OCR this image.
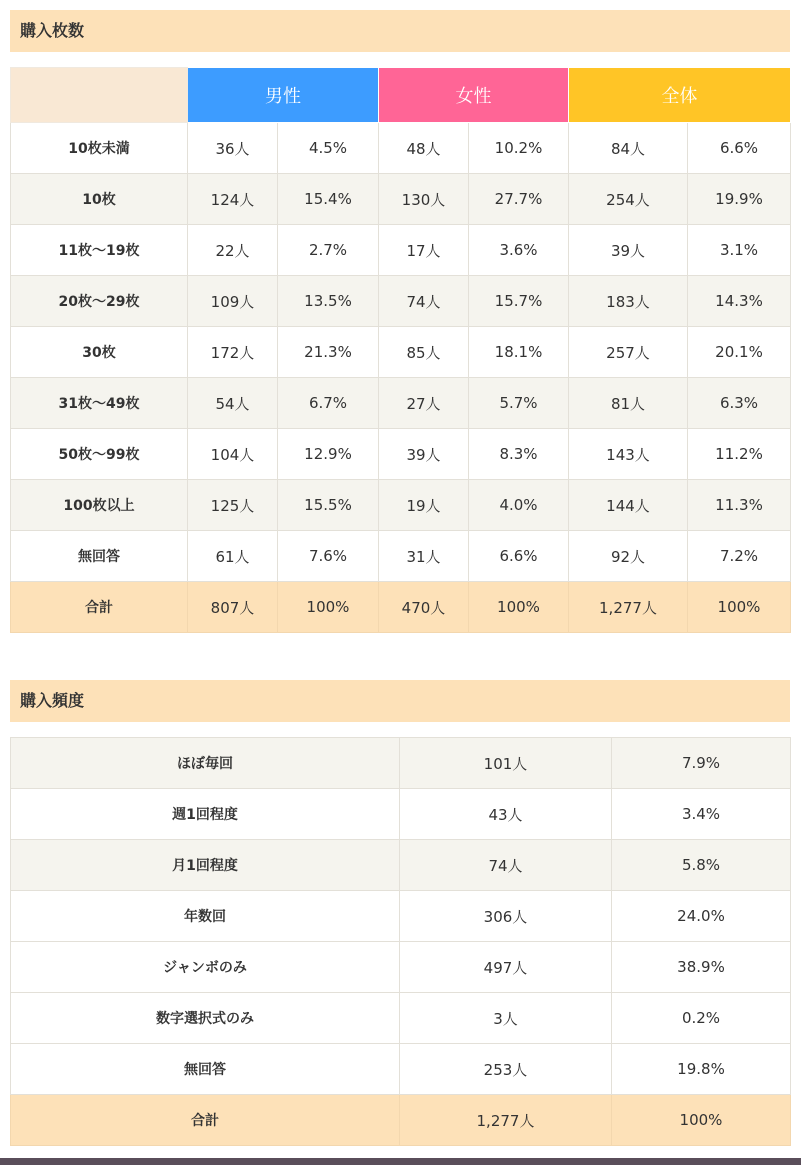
購入枚数
	男性		女性		全体	
10枚未満	36人	4.5%	48人	10.2%	84人	6.6%
10枚	124人	15.4%	130人	27.7%	254人	19.9%
11枚〜19枚	22人	2.7%	17人	3.6%	39人	3.1%
20枚〜29枚	109人	13.5%	74人	15.7%	183人	14.3%
30枚	172人	21.3%	85人	18.1%	257人	20.1%
31枚〜49枚	54人	6.7%	27人	5.7%	81人	6.3%
50枚〜99枚	104人	12.9%	39人	8.3%	143人	11.2%
100枚以上	125人	15.5%	19人	4.0%	144人	11.3%
無回答	61人	7.6%	31人	6.6%	92人	7.2%
合計	807人	100%	470人	100%	1,277人	100%
購入頻度
ほぼ毎回	101人	7.9%
週1回程度	43人	3.4%
月1回程度	74人	5.8%
年数回	306人	24.0%
ジャンボのみ	497人	38.9%
数字選択式のみ	3人	0.2%
無回答	253人	19.8%
合計	1,277人	100%
